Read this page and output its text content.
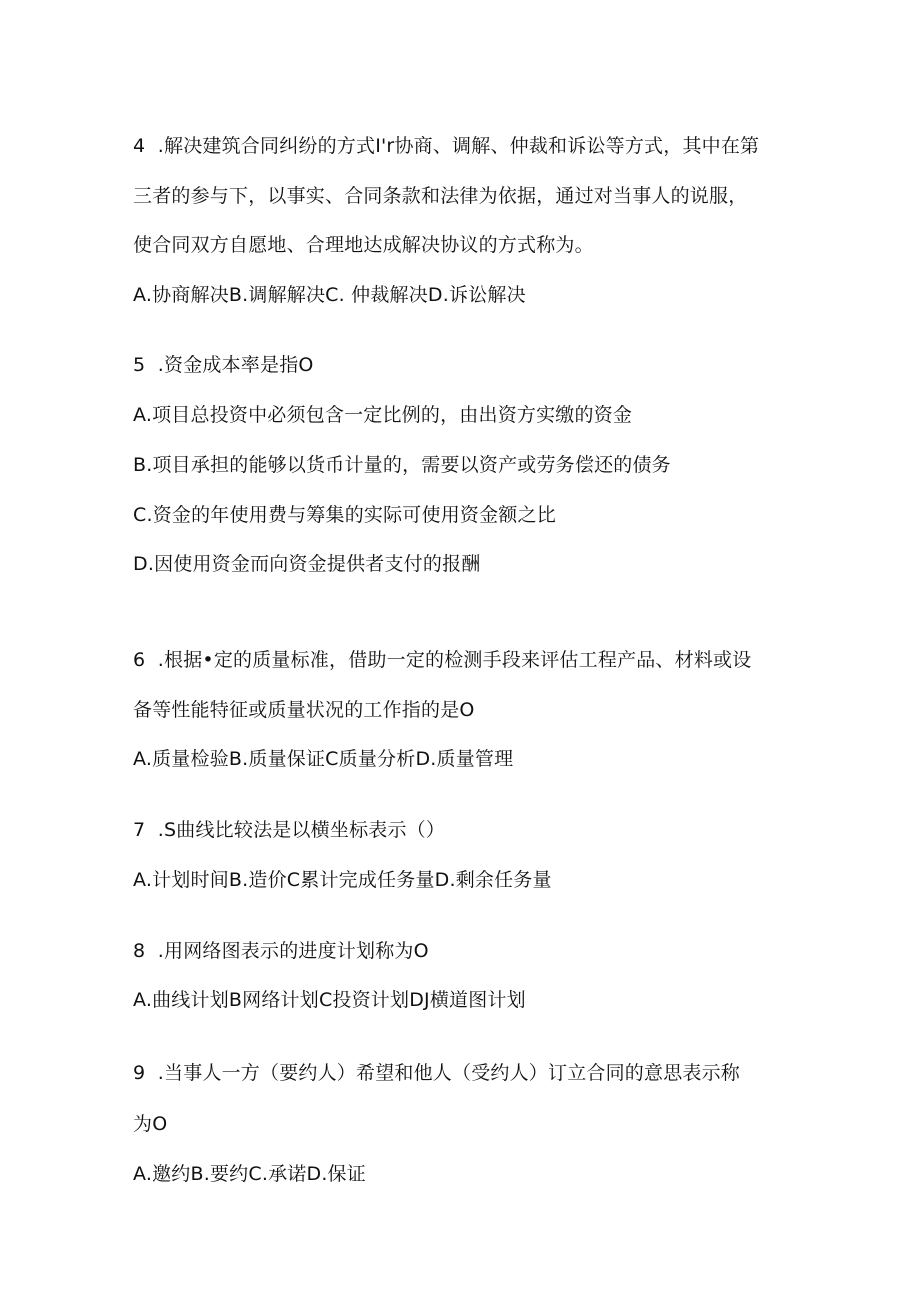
4  .解决建筑合同纠纷的方式I'r协商、调解、仲裁和诉讼等方式，其中在第
三者的参与下，以事实、合同条款和法律为依据，通过对当事人的说服，
使合同双方自愿地、合理地达成解决协议的方式称为。
A.协商解决B.调解解决C. 仲裁解决D.诉讼解决
5  .资金成本率是指O
A.项目总投资中必须包含一定比例的，由出资方实缴的资金
B.项目承担的能够以货币计量的，需要以资产或劳务偿还的债务
C.资金的年使用费与筹集的实际可使用资金额之比
D.因使用资金而向资金提供者支付的报酬
6  .根据•定的质量标准，借助一定的检测手段来评估工程产品、材料或设
备等性能特征或质量状况的工作指的是O
A.质量检验B.质量保证C质量分析D.质量管理
7  .S曲线比较法是以横坐标表示（）
A.计划时间B.造价C累计完成任务量D.剩余任务量
8  .用网络图表示的进度计划称为O
A.曲线计划B网络计划C投资计划DJ横道图计划
9  .当事人一方（要约人）希望和他人（受约人）订立合同的意思表示称
为O
A.邀约B.要约C.承诺D.保证
